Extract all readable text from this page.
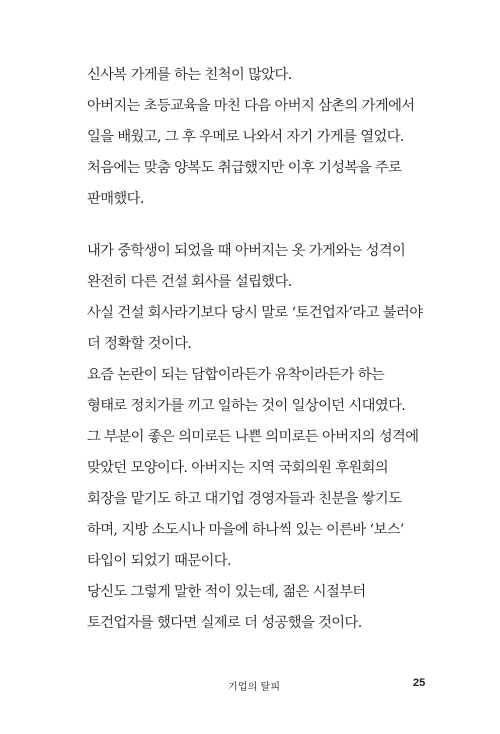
신사복 가게를 하는 친척이 많았다.
아버지는 초등교육을 마친 다음 아버지 삼촌의 가게에서
일을 배웠고, 그 후 우메로 나와서 자기 가게를 열었다.
처음에는 맞춤 양복도 취급했지만 이후 기성복을 주로
판매했다.
내가 중학생이 되었을 때 아버지는 옷 가게와는 성격이
완전히 다른 건설 회사를 설립했다.
사실 건설 회사라기보다 당시 말로 ‘토건업자’라고 불러야
더 정확할 것이다.
요즘 논란이 되는 담합이라든가 유착이라든가 하는
형태로 정치가를 끼고 일하는 것이 일상이던 시대였다.
그 부분이 좋은 의미로든 나쁜 의미로든 아버지의 성격에
맞았던 모양이다. 아버지는 지역 국회의원 후원회의
회장을 맡기도 하고 대기업 경영자들과 친분을 쌓기도
하며, 지방 소도시나 마을에 하나씩 있는 이른바 ‘보스’
타입이 되었기 때문이다.
당신도 그렇게 말한 적이 있는데, 젊은 시절부터
토건업자를 했다면 실제로 더 성공했을 것이다.
기업의 탈피	25
